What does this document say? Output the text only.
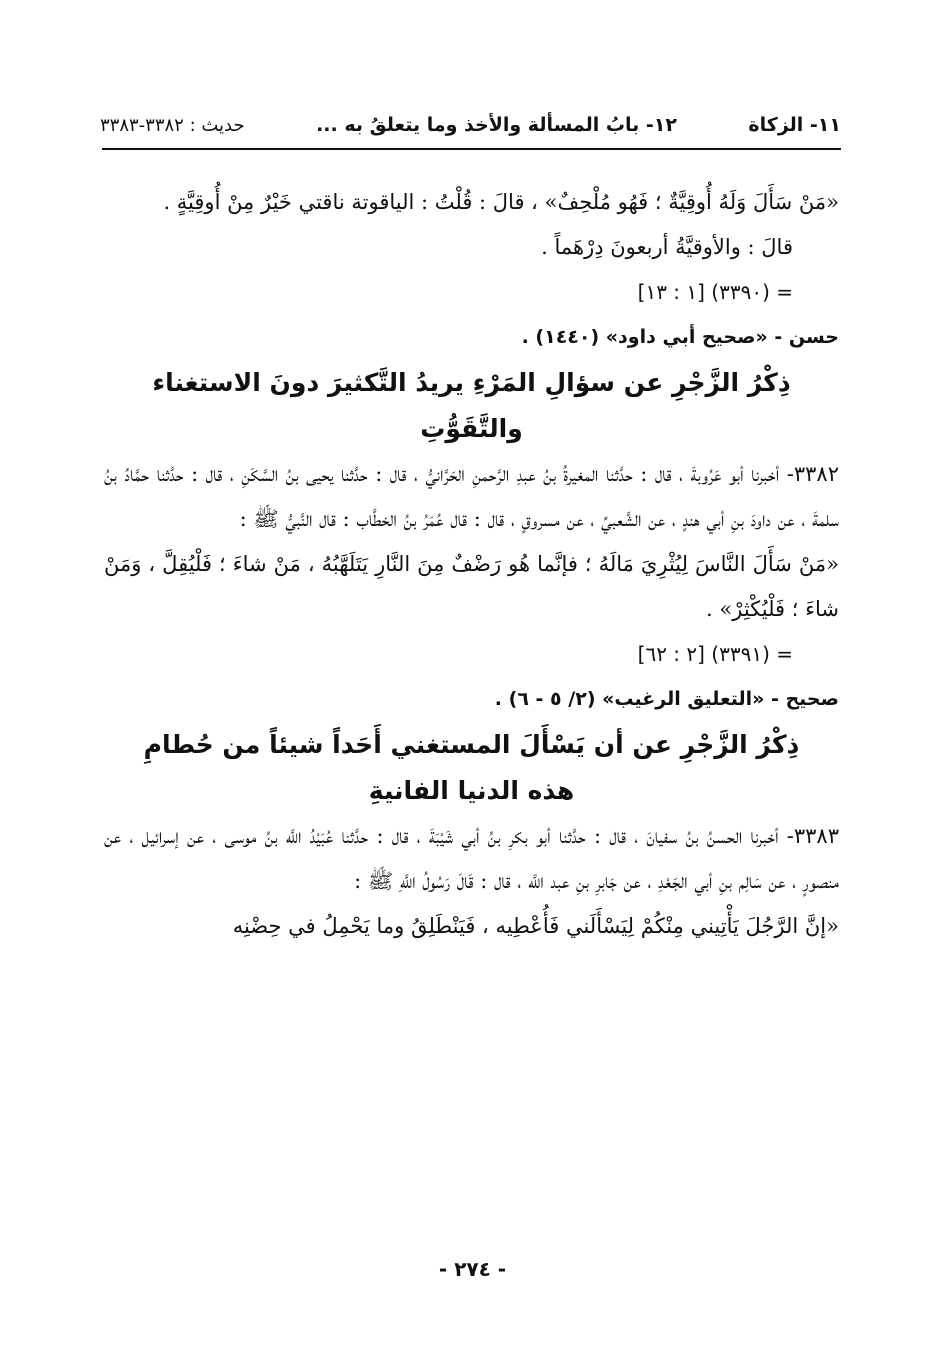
١١- الزكاة
١٢- بابُ المسألة والأخذ وما يتعلقُ به ...
حديث : ٣٣٨٢-٣٣٨٣

«مَنْ سَأَلَ وَلَهُ أُوقِيَّةٌ ؛ فَهُو مُلْحِفٌ» ، قالَ : قُلْتُ : الياقوتة ناقتي خَيْرٌ مِنْ أُوقِيَّةٍ .

قالَ : والأوقيَّةُ أربعونَ دِرْهَماً .

= (٣٣٩٠) [١ : ١٣]

حسن - «صحيح أبي داود» (١٤٤٠) .

ذِكْرُ الزَّجْرِ عن سؤالِ المَرْءِ يريدُ التَّكثيرَ دونَ الاستغناء
والتَّقَوُّتِ

٣٣٨٢- أخبرنا أبو عَرُوبةَ ، قال : حدَّثنا المغيرةُ بنُ عبدِ الرَّحمنِ الحَرَّانيُّ ، قال : حدَّثنا يحيى بنُ السَّكَنِ ، قال : حدَّثنا حمَّادُ بنُ سلمةَ ، عن داودَ بنِ أبي هندٍ ، عن الشَّعبيِّ ، عن مسروقٍ ، قال : قال عُمَرُ بنُ الخطَّاب : قال النَّبيُّ ﷺ :

«مَنْ سَأَلَ النَّاسَ لِيُثْرِيَ مَالَهُ ؛ فإنَّما هُو رَضْفٌ مِنَ النَّارِ يَتَلَهَّبُهُ ، مَنْ شاءَ ؛ فَلْيُقِلَّ ، وَمَنْ شاءَ ؛ فَلْيُكْثِرْ» .

= (٣٣٩١) [٢ : ٦٢]

صحيح - «التعليق الرغيب» (٢/ ٥ - ٦) .

ذِكْرُ الزَّجْرِ عن أن يَسْأَلَ المستغني أَحَداً شيئاً من حُطامِ
هذه الدنيا الفانيةِ

٣٣٨٣- أخبرنا الحسنُ بنُ سفيانَ ، قال : حدَّثنا أبو بكرِ بنُ أبي شَيْبَةَ ، قال : حدَّثنا عُبَيْدُ اللَّه بنُ موسى ، عن إسرائيل ، عن منصورٍ ، عن سَالِم بنِ أبي الجَعْدِ ، عن جَابرِ بنِ عبد اللَّه ، قال : قَالَ رَسُولُ اللَّهِ ﷺ :

«إنَّ الرَّجُلَ يَأْتِيني مِنْكُمْ لِيَسْأَلَني فَأُعْطِيه ، فَيَنْطَلِقُ وما يَحْمِلُ في حِضْنِه

- ٢٧٤ -
